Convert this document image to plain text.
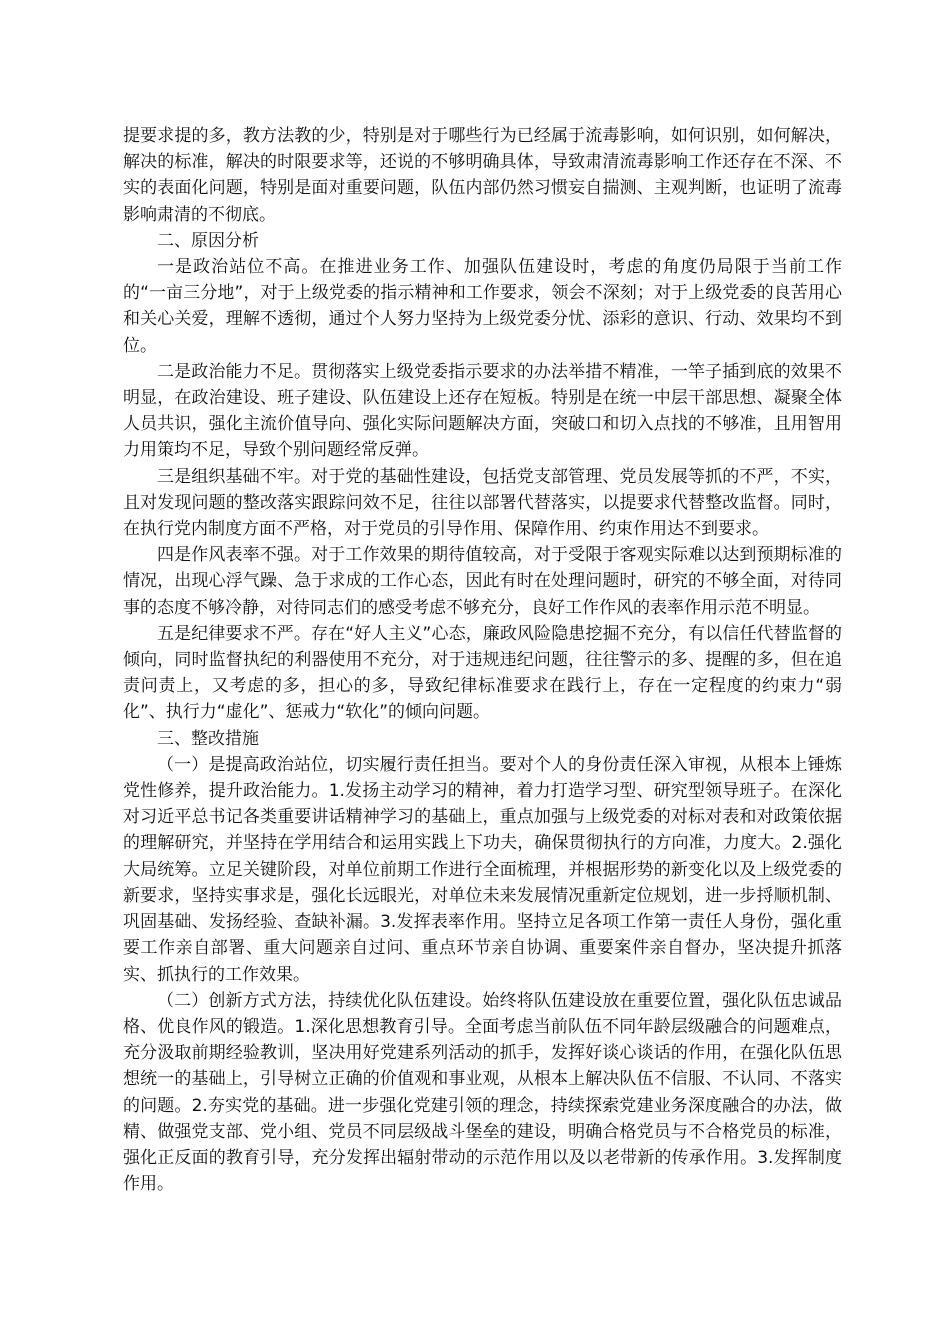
提要求提的多，教方法教的少，特别是对于哪些行为已经属于流毒影响，如何识别，如何解决，解决的标准，解决的时限要求等，还说的不够明确具体，导致肃清流毒影响工作还存在不深、不实的表面化问题，特别是面对重要问题，队伍内部仍然习惯妄自揣测、主观判断，也证明了流毒影响肃清的不彻底。

二、原因分析

一是政治站位不高。在推进业务工作、加强队伍建设时，考虑的角度仍局限于当前工作的“一亩三分地”，对于上级党委的指示精神和工作要求，领会不深刻；对于上级党委的良苦用心和关心关爱，理解不透彻，通过个人努力坚持为上级党委分忧、添彩的意识、行动、效果均不到位。

二是政治能力不足。贯彻落实上级党委指示要求的办法举措不精准，一竿子插到底的效果不明显，在政治建设、班子建设、队伍建设上还存在短板。特别是在统一中层干部思想、凝聚全体人员共识，强化主流价值导向、强化实际问题解决方面，突破口和切入点找的不够准，且用智用力用策均不足，导致个别问题经常反弹。

三是组织基础不牢。对于党的基础性建设，包括党支部管理、党员发展等抓的不严，不实，且对发现问题的整改落实跟踪问效不足，往往以部署代替落实，以提要求代替整改监督。同时，在执行党内制度方面不严格，对于党员的引导作用、保障作用、约束作用达不到要求。

四是作风表率不强。对于工作效果的期待值较高，对于受限于客观实际难以达到预期标准的情况，出现心浮气躁、急于求成的工作心态，因此有时在处理问题时，研究的不够全面，对待同事的态度不够冷静，对待同志们的感受考虑不够充分，良好工作作风的表率作用示范不明显。

五是纪律要求不严。存在“好人主义”心态，廉政风险隐患挖掘不充分，有以信任代替监督的倾向，同时监督执纪的利器使用不充分，对于违规违纪问题，往往警示的多、提醒的多，但在追责问责上，又考虑的多，担心的多，导致纪律标准要求在践行上，存在一定程度的约束力“弱化”、执行力“虚化”、惩戒力“软化”的倾向问题。

三、整改措施

（一）是提高政治站位，切实履行责任担当。要对个人的身份责任深入审视，从根本上锤炼党性修养，提升政治能力。1.发扬主动学习的精神，着力打造学习型、研究型领导班子。在深化对习近平总书记各类重要讲话精神学习的基础上，重点加强与上级党委的对标对表和对政策依据的理解研究，并坚持在学用结合和运用实践上下功夫，确保贯彻执行的方向准，力度大。2.强化大局统筹。立足关键阶段，对单位前期工作进行全面梳理，并根据形势的新变化以及上级党委的新要求，坚持实事求是，强化长远眼光，对单位未来发展情况重新定位规划，进一步捋顺机制、巩固基础、发扬经验、查缺补漏。3.发挥表率作用。坚持立足各项工作第一责任人身份，强化重要工作亲自部署、重大问题亲自过问、重点环节亲自协调、重要案件亲自督办，坚决提升抓落实、抓执行的工作效果。

（二）创新方式方法，持续优化队伍建设。始终将队伍建设放在重要位置，强化队伍忠诚品格、优良作风的锻造。1.深化思想教育引导。全面考虑当前队伍不同年龄层级融合的问题难点，充分汲取前期经验教训，坚决用好党建系列活动的抓手，发挥好谈心谈话的作用，在强化队伍思想统一的基础上，引导树立正确的价值观和事业观，从根本上解决队伍不信服、不认同、不落实的问题。2.夯实党的基础。进一步强化党建引领的理念，持续探索党建业务深度融合的办法，做精、做强党支部、党小组、党员不同层级战斗堡垒的建设，明确合格党员与不合格党员的标准，强化正反面的教育引导，充分发挥出辐射带动的示范作用以及以老带新的传承作用。3.发挥制度作用。
